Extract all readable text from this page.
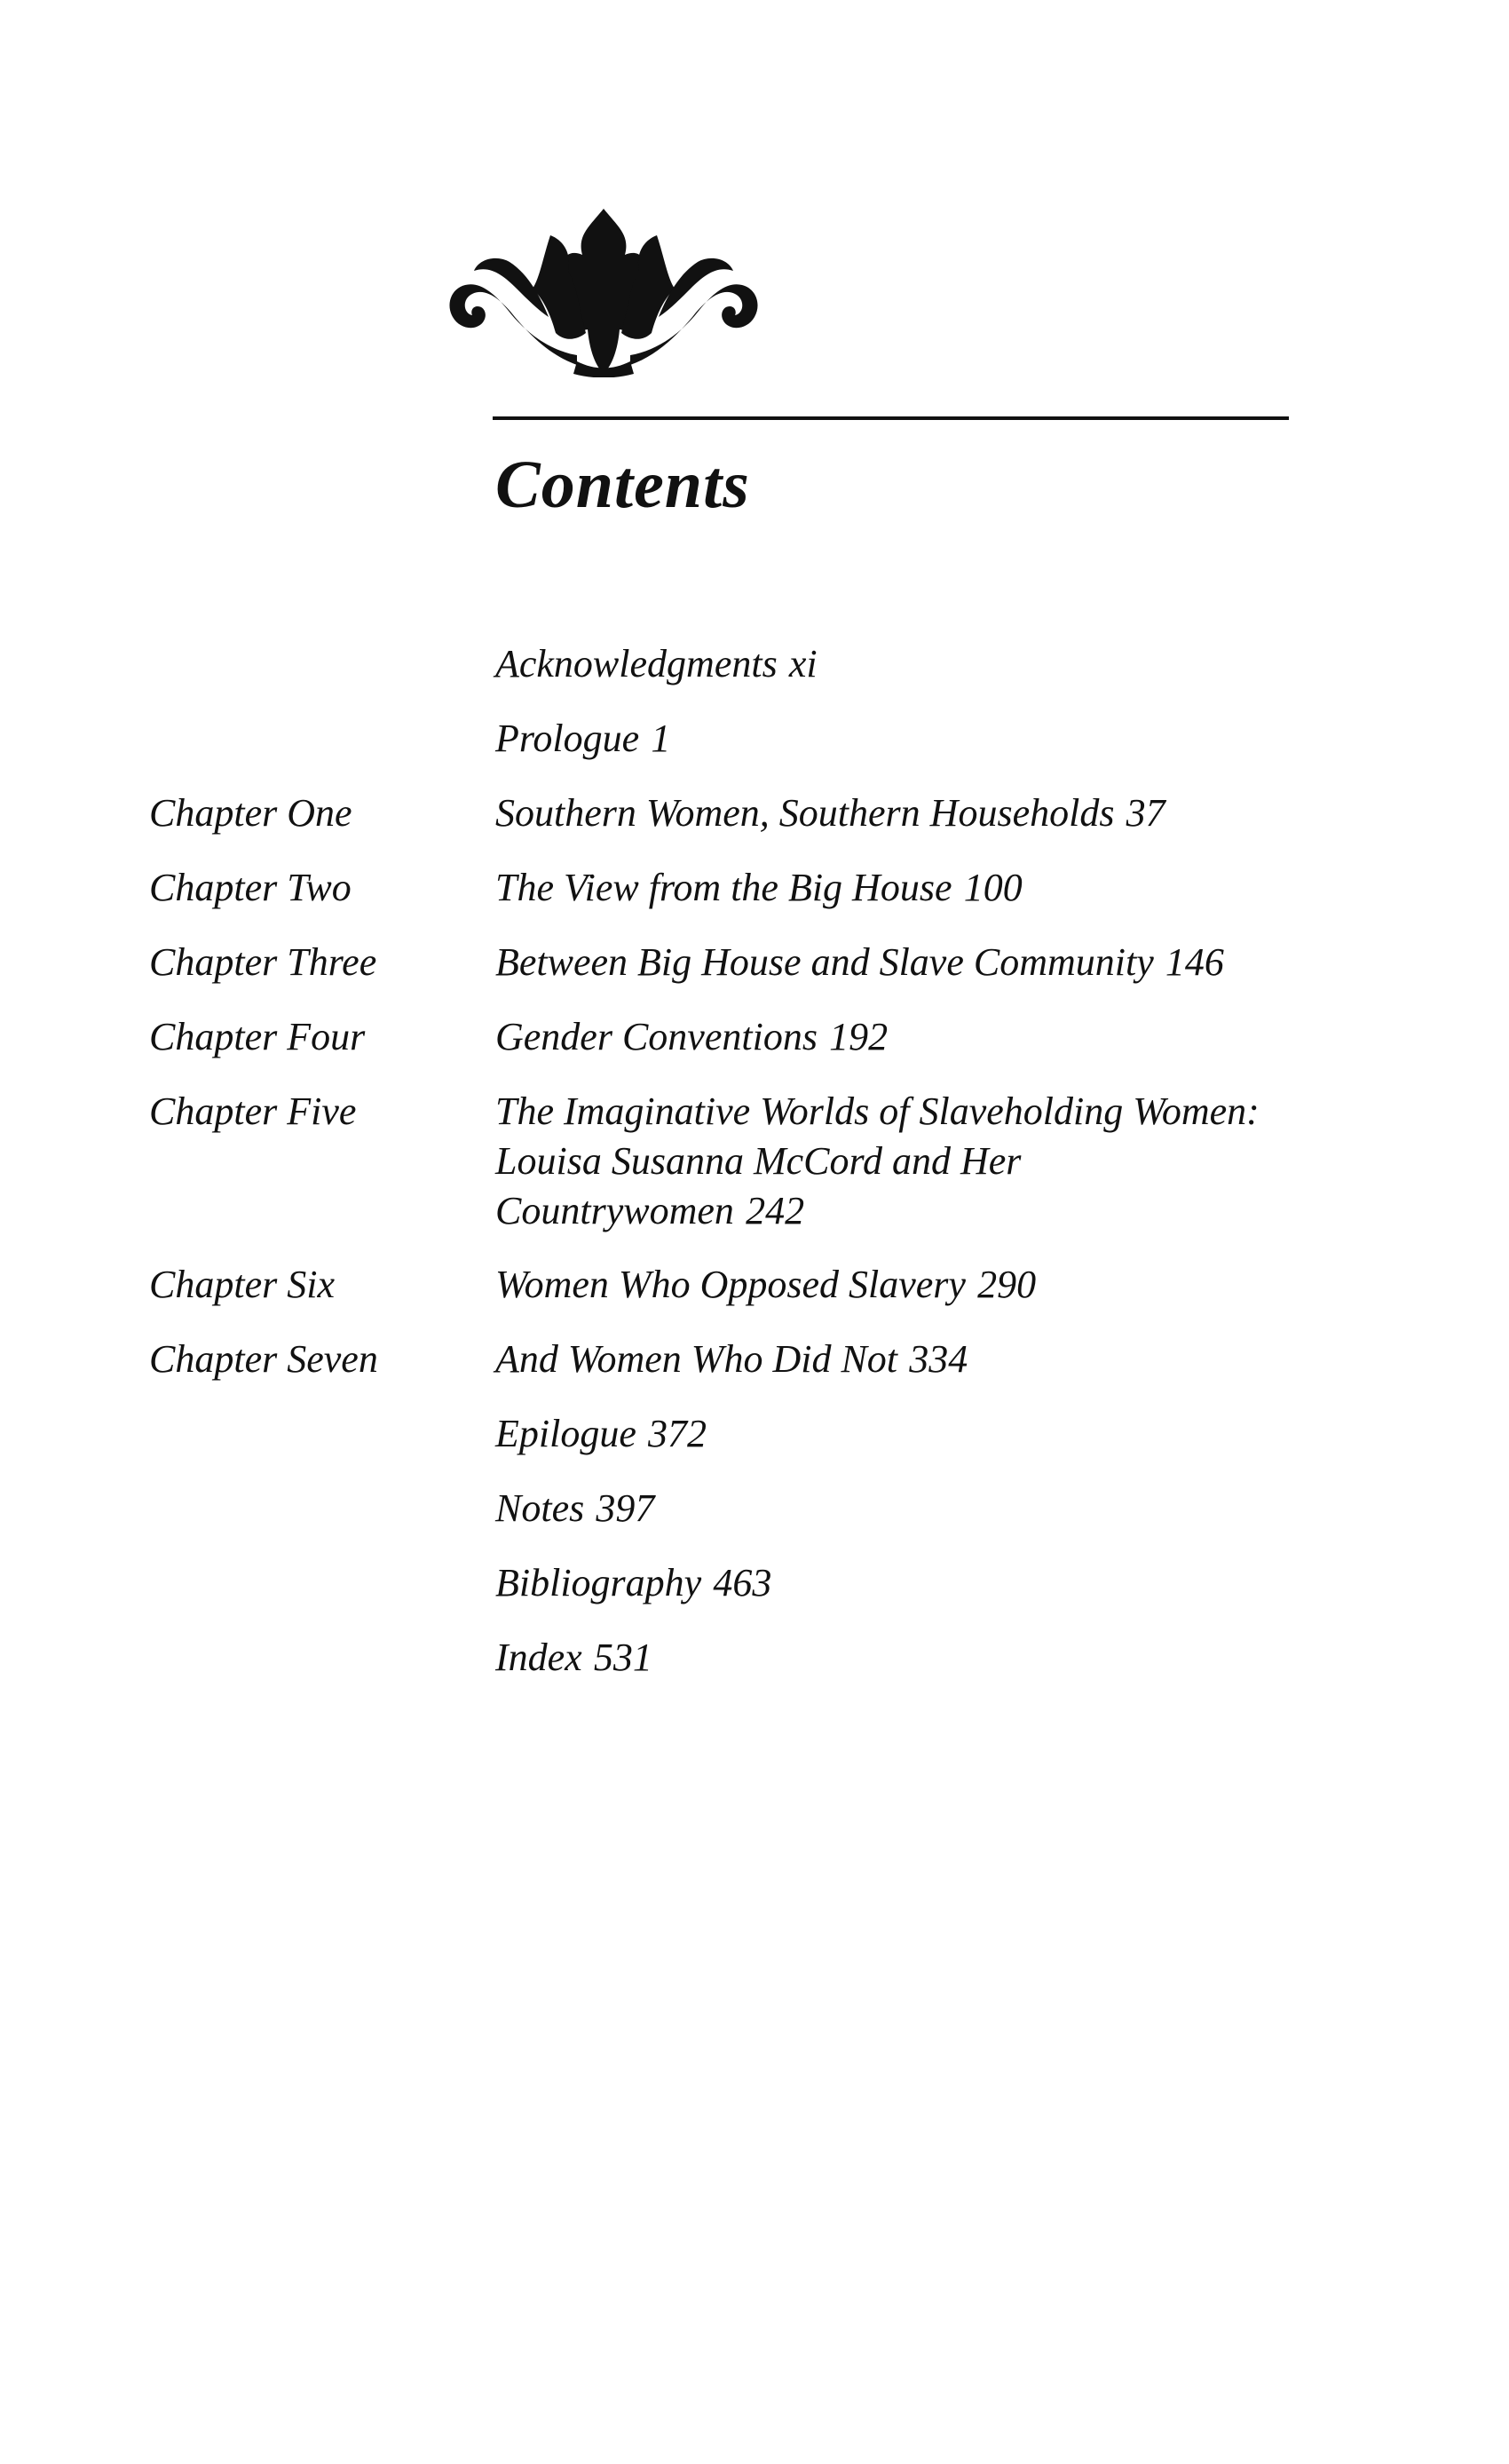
Contents
Acknowledgments xi
Prologue 1
Chapter One	Southern Women, Southern Households 37
Chapter Two	The View from the Big House 100
Chapter Three	Between Big House and Slave Community 146
Chapter Four	Gender Conventions 192
Chapter Five	The Imaginative Worlds of Slaveholding Women: Louisa Susanna McCord and Her Countrywomen 242
Chapter Six	Women Who Opposed Slavery 290
Chapter Seven	And Women Who Did Not 334
Epilogue 372
Notes 397
Bibliography 463
Index 531
